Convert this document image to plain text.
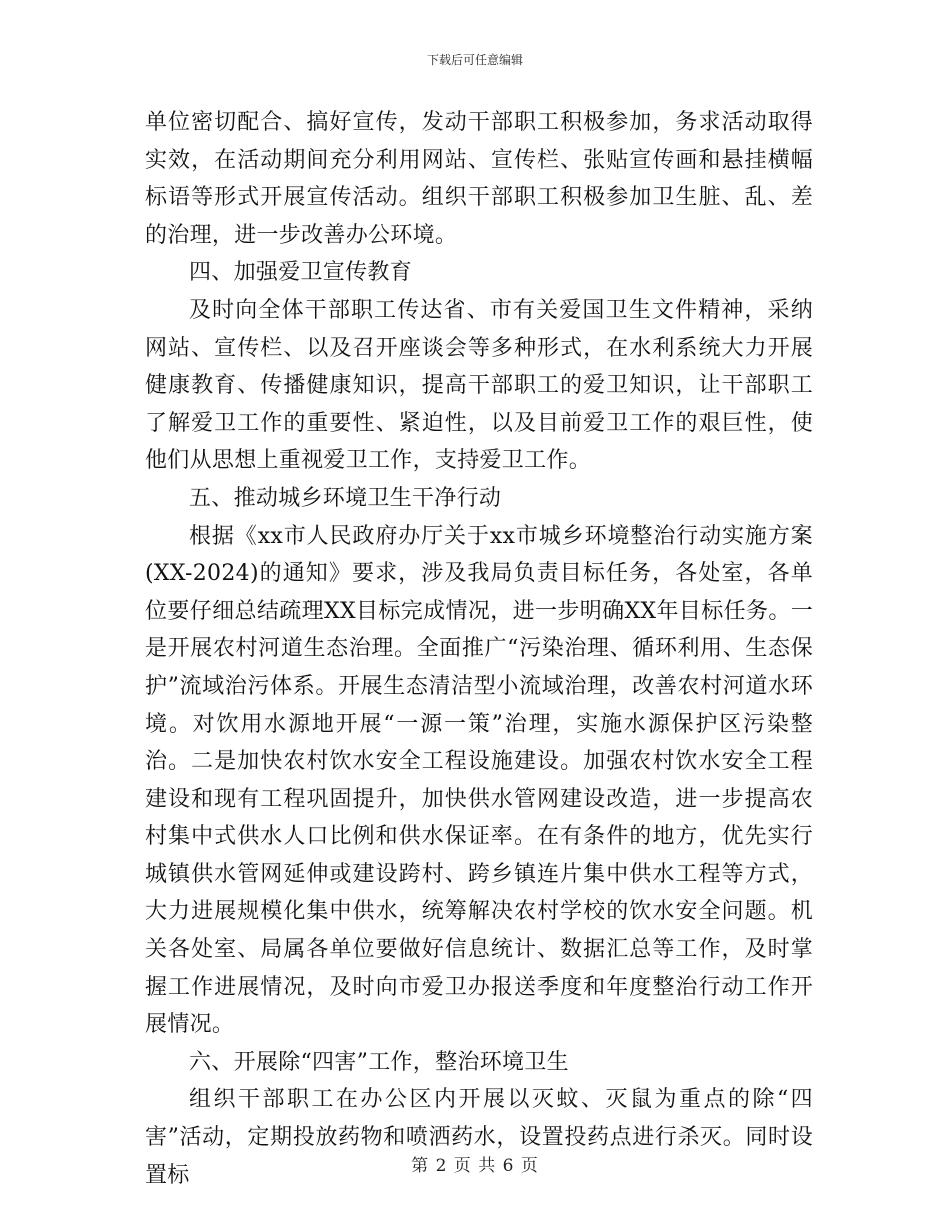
下载后可任意编辑

单位密切配合、搞好宣传，发动干部职工积极参加，务求活动取得实效，在活动期间充分利用网站、宣传栏、张贴宣传画和悬挂横幅标语等形式开展宣传活动。组织干部职工积极参加卫生脏、乱、差的治理，进一步改善办公环境。

四、加强爱卫宣传教育

及时向全体干部职工传达省、市有关爱国卫生文件精神，采纳网站、宣传栏、以及召开座谈会等多种形式，在水利系统大力开展健康教育、传播健康知识，提高干部职工的爱卫知识，让干部职工了解爱卫工作的重要性、紧迫性，以及目前爱卫工作的艰巨性，使他们从思想上重视爱卫工作，支持爱卫工作。

五、推动城乡环境卫生干净行动

根据《xx市人民政府办厅关于xx市城乡环境整治行动实施方案(XX-2024)的通知》要求，涉及我局负责目标任务，各处室，各单位要仔细总结疏理XX目标完成情况，进一步明确XX年目标任务。一是开展农村河道生态治理。全面推广“污染治理、循环利用、生态保护”流域治污体系。开展生态清洁型小流域治理，改善农村河道水环境。对饮用水源地开展“一源一策”治理，实施水源保护区污染整治。二是加快农村饮水安全工程设施建设。加强农村饮水安全工程建设和现有工程巩固提升，加快供水管网建设改造，进一步提高农村集中式供水人口比例和供水保证率。在有条件的地方，优先实行城镇供水管网延伸或建设跨村、跨乡镇连片集中供水工程等方式，大力进展规模化集中供水，统筹解决农村学校的饮水安全问题。机关各处室、局属各单位要做好信息统计、数据汇总等工作，及时掌握工作进展情况，及时向市爱卫办报送季度和年度整治行动工作开展情况。

六、开展除“四害”工作，整治环境卫生

组织干部职工在办公区内开展以灭蚊、灭鼠为重点的除“四害”活动，定期投放药物和喷洒药水，设置投药点进行杀灭。同时设置标	第 2 页 共 6 页
